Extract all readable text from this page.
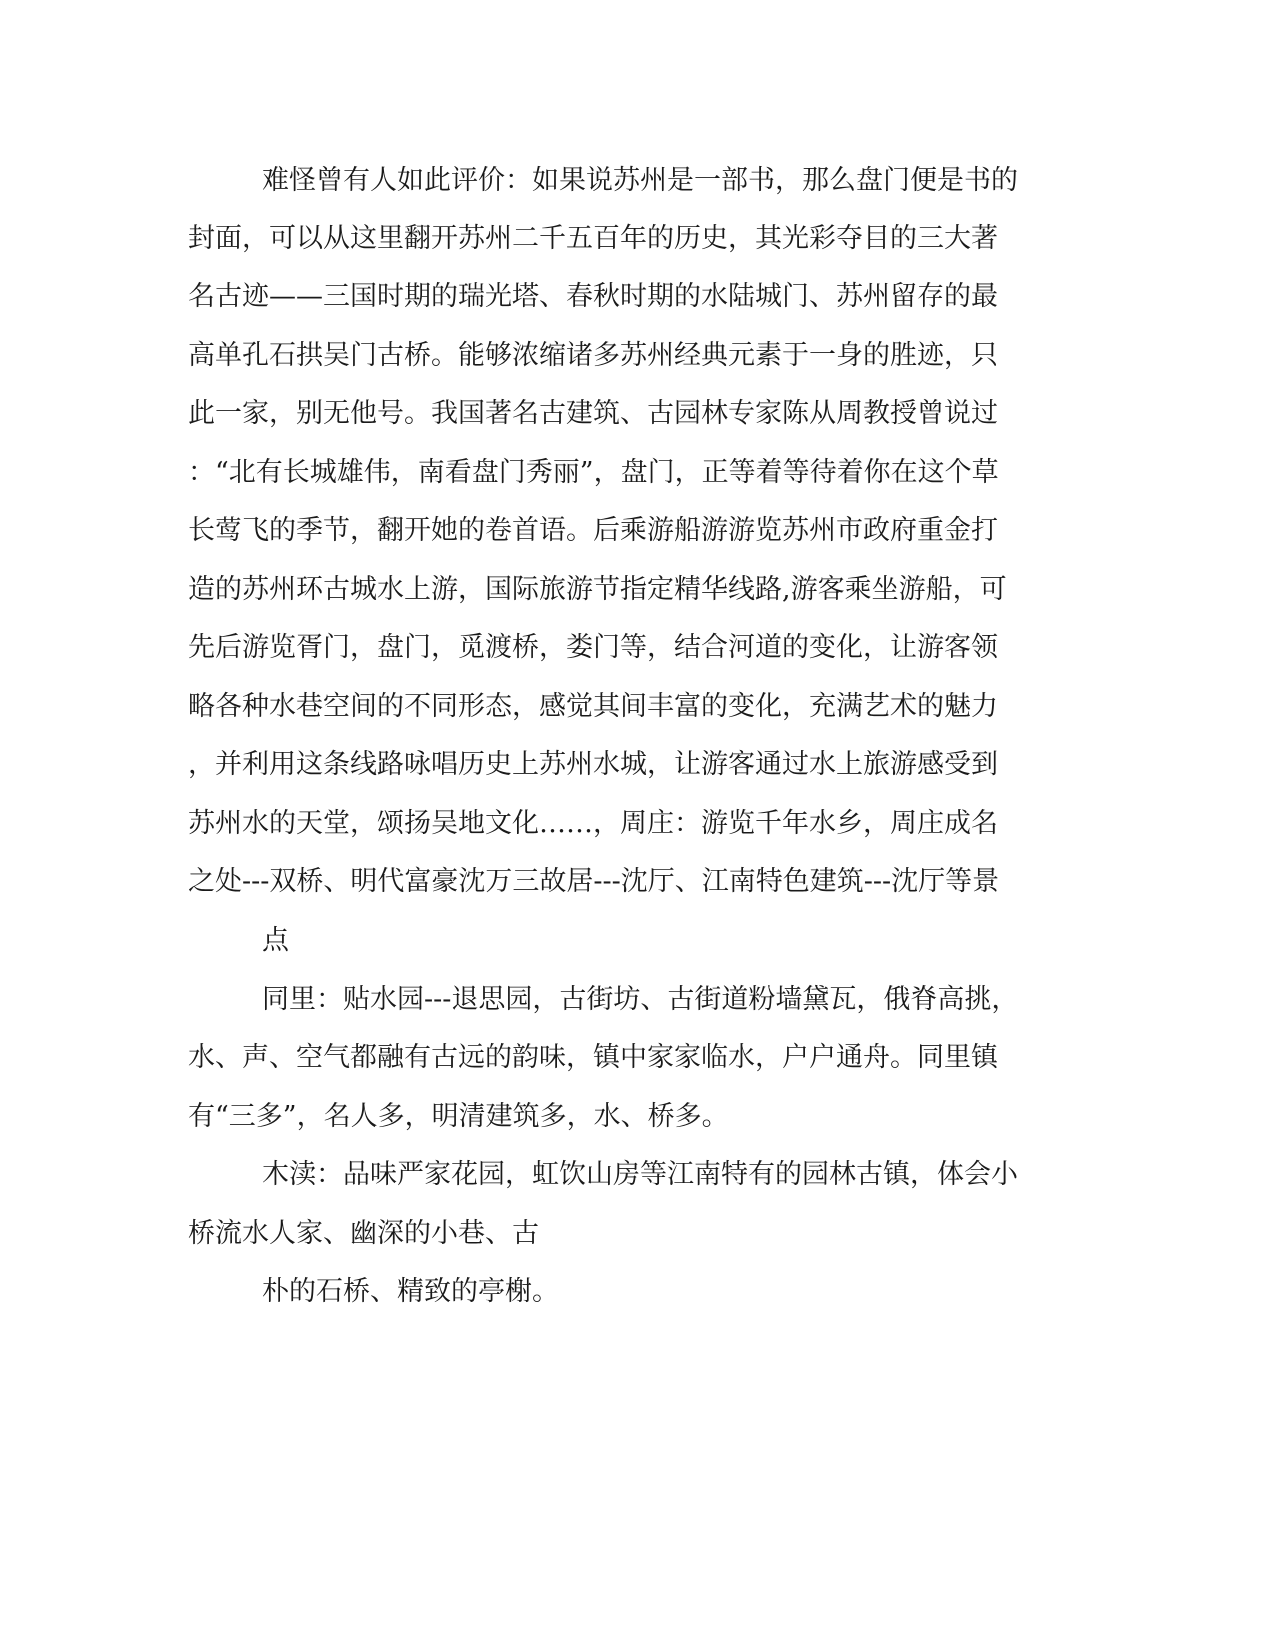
难怪曾有人如此评价：如果说苏州是一部书，那么盘门便是书的
封面，可以从这里翻开苏州二千五百年的历史，其光彩夺目的三大著
名古迹——三国时期的瑞光塔、春秋时期的水陆城门、苏州留存的最
高单孔石拱吴门古桥。能够浓缩诸多苏州经典元素于一身的胜迹，只
此一家，别无他号。我国著名古建筑、古园林专家陈从周教授曾说过
：“北有长城雄伟，南看盘门秀丽”，盘门，正等着等待着你在这个草
长莺飞的季节，翻开她的卷首语。后乘游船游游览苏州市政府重金打
造的苏州环古城水上游，国际旅游节指定精华线路,游客乘坐游船，可
先后游览胥门，盘门，觅渡桥，娄门等，结合河道的变化，让游客领
略各种水巷空间的不同形态，感觉其间丰富的变化，充满艺术的魅力
，并利用这条线路咏唱历史上苏州水城，让游客通过水上旅游感受到
苏州水的天堂，颂扬吴地文化……，周庄：游览千年水乡，周庄成名
之处---双桥、明代富豪沈万三故居---沈厅、江南特色建筑---沈厅等景
点
同里：贴水园---退思园，古街坊、古街道粉墙黛瓦，俄脊高挑，
水、声、空气都融有古远的韵味，镇中家家临水，户户通舟。同里镇
有“三多”，名人多，明清建筑多，水、桥多。
木渎：品味严家花园，虹饮山房等江南特有的园林古镇，体会小
桥流水人家、幽深的小巷、古
朴的石桥、精致的亭榭。
